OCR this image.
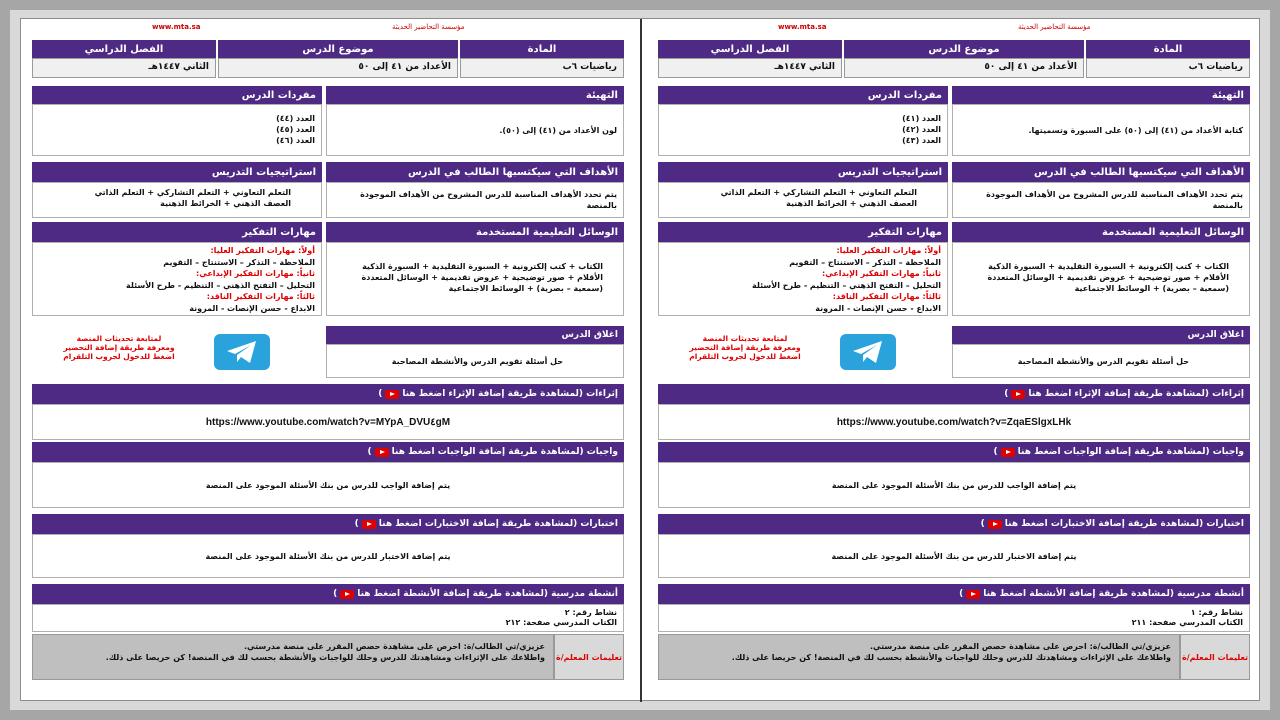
مؤسسة التحاضير الحديثة
www.mta.sa
المادة
موضوع الدرس
الفصل الدراسي
رياضيات ٦ب
الأعداد من ٤١ إلى ٥٠
الثاني ١٤٤٧هـ
التهيئة
مفردات الدرس
لون الأعداد من (٤١) إلى (٥٠).
العدد (٤٤)
العدد (٤٥)
العدد (٤٦)
الأهداف التي سيكتسبها الطالب في الدرس
استراتيجيات التدريس
يتم تحدد الأهداف المناسبة للدرس المشروح من الأهداف الموجودة بالمنصة
التعلم التعاوني + التعلم التشاركي + التعلم الذاتي
العصف الذهني + الخرائط الذهنية
الوسائل التعليمية المستخدمة
مهارات التفكير
الكتاب + كتب إلكترونية + السبورة التقليدية + السبورة الذكية
الأقلام + صور توضيحية + عروض تقديمية + الوسائل المتعددة
(سمعية – بصرية) + الوسائط الاجتماعية
أولاً: مهارات التفكير العليا:
الملاحظة – التذكر – الاستنتاج – التقويم
ثانياً: مهارات التفكير الإبداعي:
التحليل – التفتح الذهني – التنظيم - طرح الأسئلة
ثالثاً: مهارات التفكير الناقد:
الابداع - حسن الإنصات - المرونة
اغلاق الدرس
حل أسئلة تقويم الدرس والأنشطة المصاحبة
لمتابعة تحديثات المنصة
ومعرفة طريقة إضافة التحضير
اضغط للدخول لجروب التلقرام
إثراءات (لمشاهدة طريقة إضافة الإثراء اضغط هنا
)
https://www.youtube.com/watch?v=MYpA_DVU٤gM
واجبات (لمشاهدة طريقة إضافة الواجبات اضغط هنا
)
يتم إضافة الواجب للدرس من بنك الأسئلة الموجود على المنصة
اختبارات (لمشاهدة طريقة إضافة الاختبارات اضغط هنا
)
يتم إضافة الاختبار للدرس من بنك الأسئلة الموجود على المنصة
أنشطة مدرسية (لمشاهدة طريقة إضافة الأنشطة اضغط هنا
)
نشاط رقم: ٢
الكتاب المدرسي صفحة: ٢١٢
عزيزي/تي الطالب/ة: احرص على مشاهدة حصص المقرر على منصة مدرستي.
واطلاعك على الإثراءات ومشاهدتك للدرس وحلك للواجبات والأنشطة بحسب لك في المنصة! كن حريصا على ذلك. تعليمات المعلم/ة
مؤسسة التحاضير الحديثة
www.mta.sa
المادة
موضوع الدرس
الفصل الدراسي
رياضيات ٦ب
الأعداد من ٤١ إلى ٥٠
الثاني ١٤٤٧هـ
التهيئة
مفردات الدرس
كتابة الأعداد من (٤١) إلى (٥٠) على السبورة وتسميتها.
العدد (٤١)
العدد (٤٢)
العدد (٤٣)
الأهداف التي سيكتسبها الطالب في الدرس
استراتيجيات التدريس
يتم تحدد الأهداف المناسبة للدرس المشروح من الأهداف الموجودة بالمنصة
التعلم التعاوني + التعلم التشاركي + التعلم الذاتي
العصف الذهني + الخرائط الذهنية
الوسائل التعليمية المستخدمة
مهارات التفكير
الكتاب + كتب إلكترونية + السبورة التقليدية + السبورة الذكية
الأقلام + صور توضيحية + عروض تقديمية + الوسائل المتعددة
(سمعية – بصرية) + الوسائط الاجتماعية
أولاً: مهارات التفكير العليا:
الملاحظة – التذكر – الاستنتاج – التقويم
ثانياً: مهارات التفكير الإبداعي:
التحليل – التفتح الذهني – التنظيم - طرح الأسئلة
ثالثاً: مهارات التفكير الناقد:
الابداع - حسن الإنصات - المرونة
اغلاق الدرس
حل أسئلة تقويم الدرس والأنشطة المصاحبة
لمتابعة تحديثات المنصة
ومعرفة طريقة إضافة التحضير
اضغط للدخول لجروب التلقرام
إثراءات (لمشاهدة طريقة إضافة الإثراء اضغط هنا
)
https://www.youtube.com/watch?v=ZqaESlgxLHk
واجبات (لمشاهدة طريقة إضافة الواجبات اضغط هنا
)
يتم إضافة الواجب للدرس من بنك الأسئلة الموجود على المنصة
اختبارات (لمشاهدة طريقة إضافة الاختبارات اضغط هنا
)
يتم إضافة الاختبار للدرس من بنك الأسئلة الموجود على المنصة
أنشطة مدرسية (لمشاهدة طريقة إضافة الأنشطة اضغط هنا
)
نشاط رقم: ١
الكتاب المدرسي صفحة: ٢١١
عزيزي/تي الطالب/ة: احرص على مشاهدة حصص المقرر على منصة مدرستي.
واطلاعك على الإثراءات ومشاهدتك للدرس وحلك للواجبات والأنشطة بحسب لك في المنصة! كن حريصا على ذلك. تعليمات المعلم/ة
